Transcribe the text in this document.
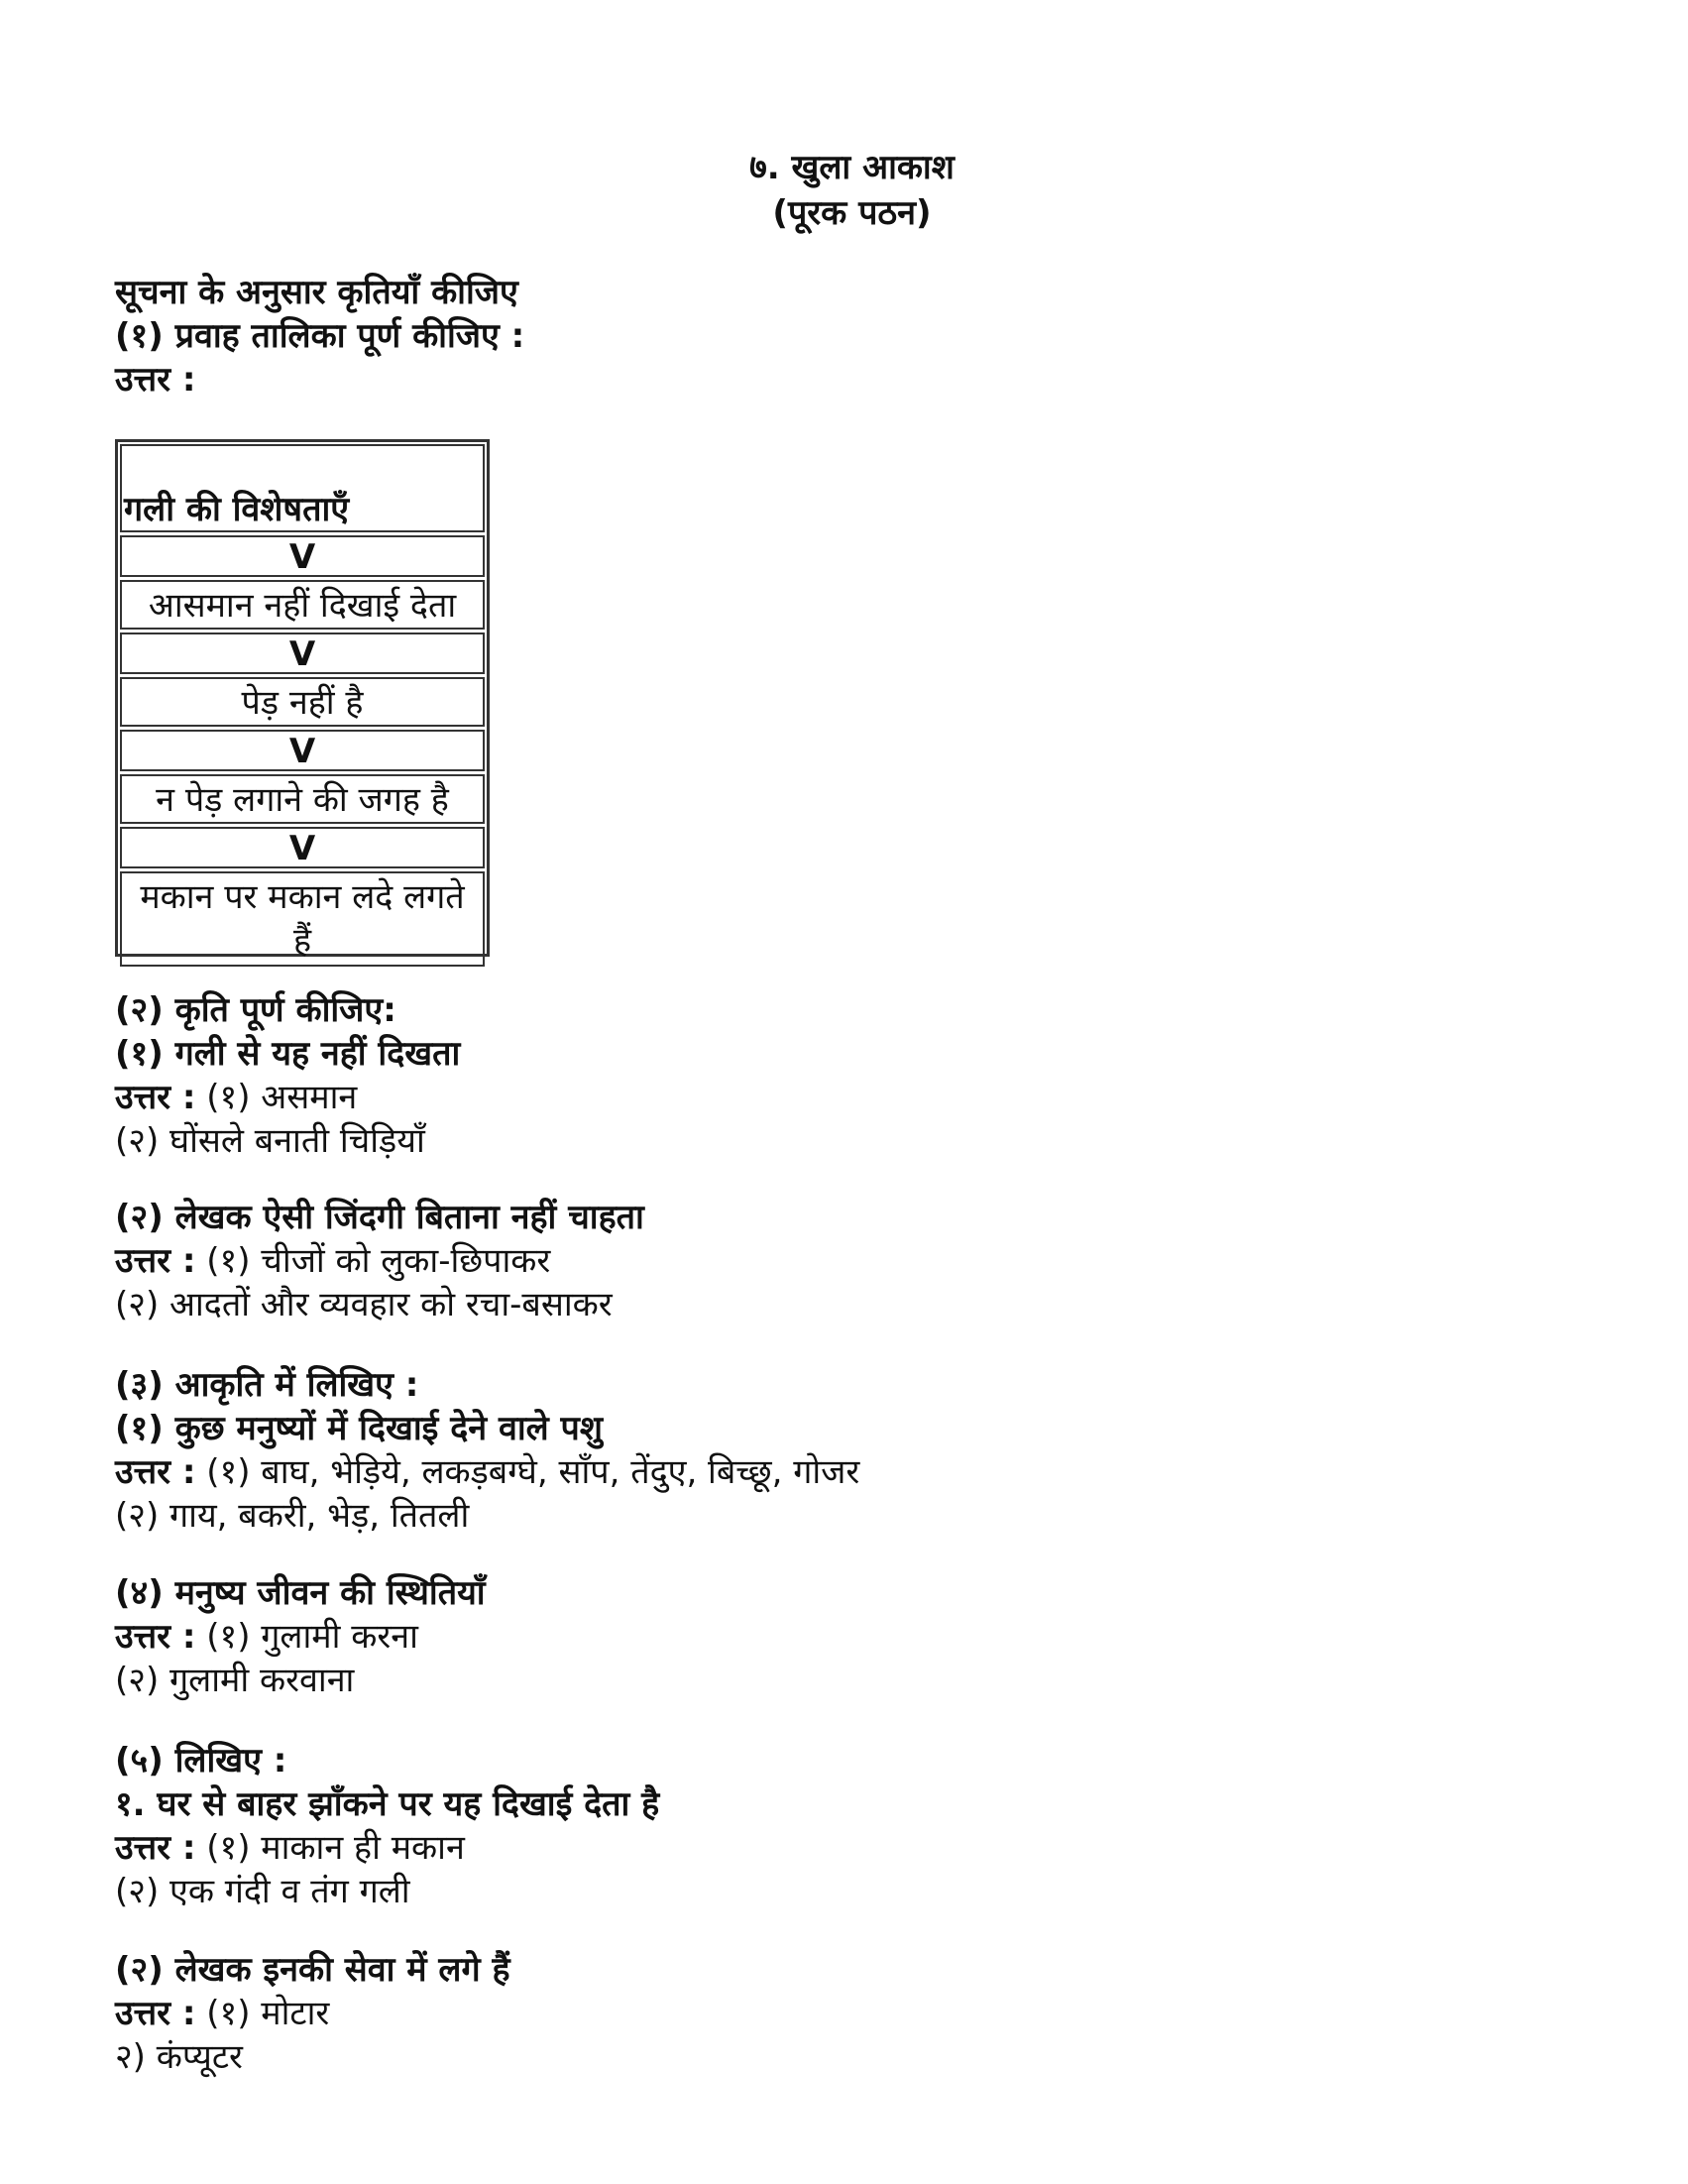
७. खुला आकाश
(पूरक पठन)
सूचना के अनुसार कृतियाँ कीजिए
(१) प्रवाह तालिका पूर्ण कीजिए :
उत्तर :
गली की विशेषताएँ
V
आसमान नहीं दिखाई देता
V
पेड़ नहीं है
V
न पेड़ लगाने की जगह है
V
मकान पर मकान लदे लगते
हैं
(२) कृति पूर्ण कीजिए:
(१) गली से यह नहीं दिखता
उत्तर : (१) असमान
(२) घोंसले बनाती चिड़ियाँ
(२) लेखक ऐसी जिंदगी बिताना नहीं चाहता
उत्तर : (१) चीजों को लुका-छिपाकर
(२) आदतों और व्यवहार को रचा-बसाकर
(३) आकृति में लिखिए :
(१) कुछ मनुष्यों में दिखाई देने वाले पशु
उत्तर : (१) बाघ, भेड़िये, लकड़बग्घे, साँप, तेंदुए, बिच्छू, गोजर
(२) गाय, बकरी, भेड़, तितली
(४) मनुष्य जीवन की स्थितियाँ
उत्तर : (१) गुलामी करना
(२) गुलामी करवाना
(५) लिखिए :
१. घर से बाहर झाँकने पर यह दिखाई देता है
उत्तर : (१) माकान ही मकान
(२) एक गंदी व तंग गली
(२) लेखक इनकी सेवा में लगे हैं
उत्तर : (१) मोटार
२) कंप्यूटर
